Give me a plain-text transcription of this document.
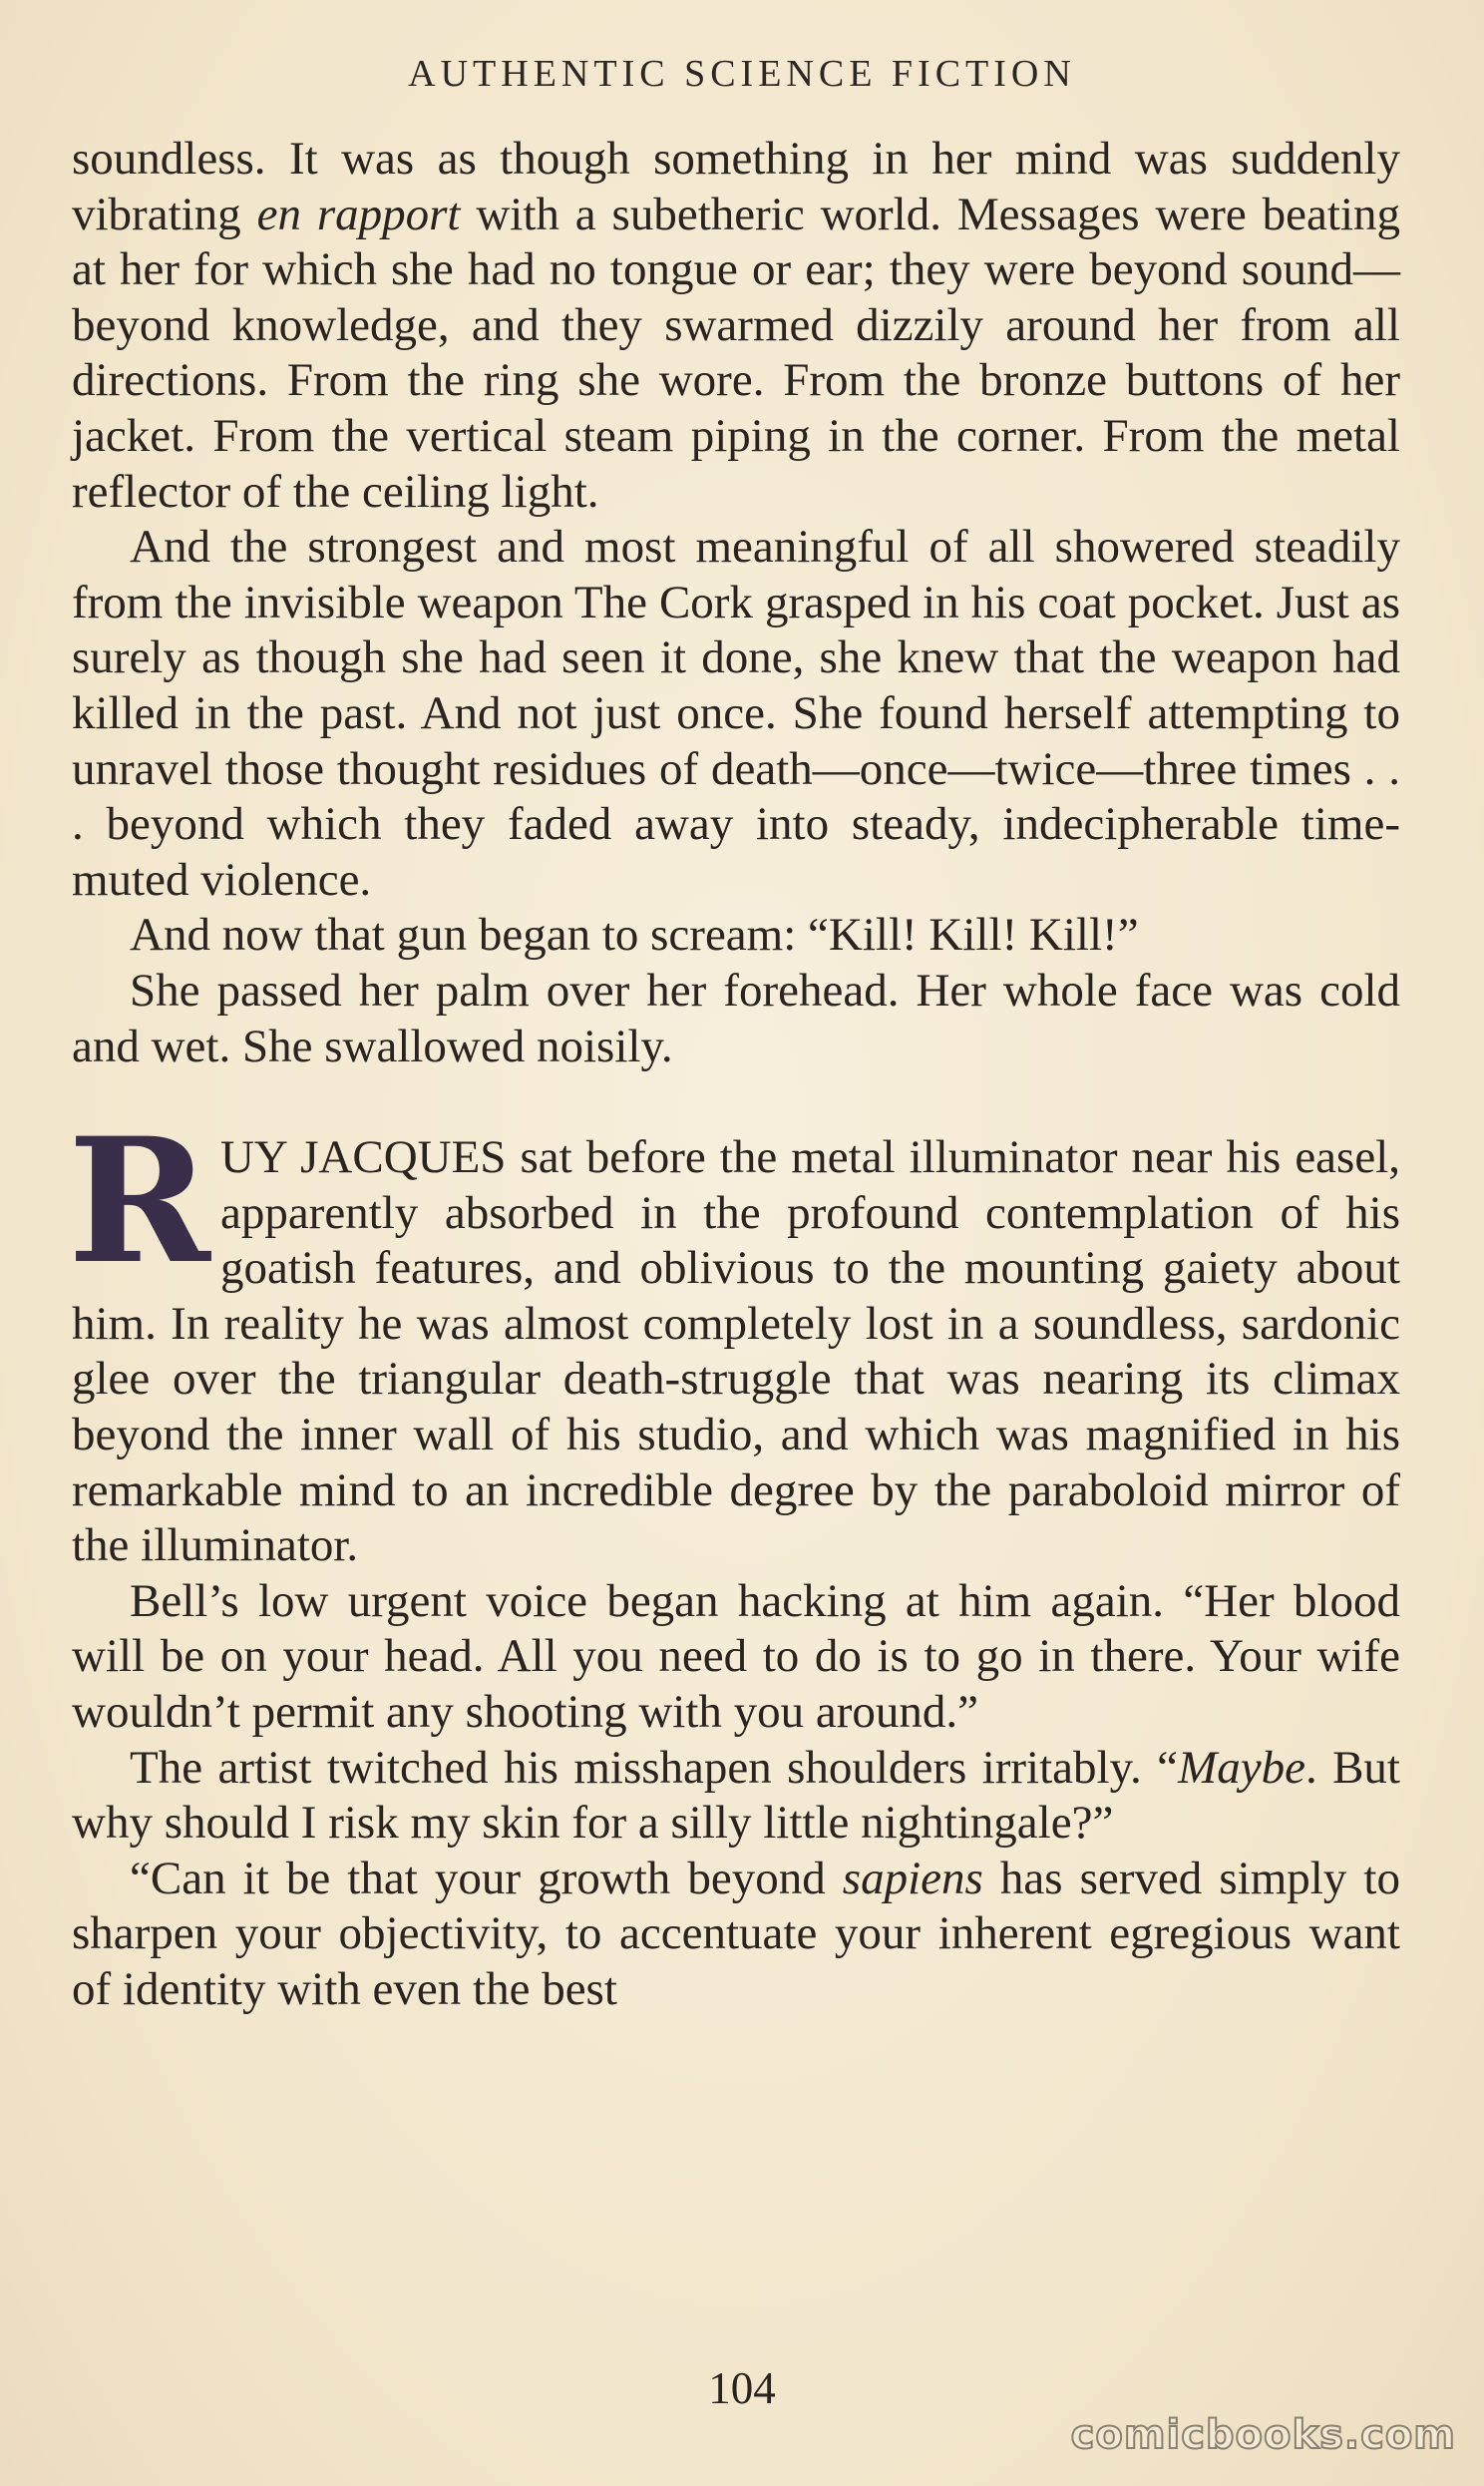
AUTHENTIC SCIENCE FICTION

soundless. It was as though something in her mind was suddenly vibrating en rapport with a subetheric world. Messages were beating at her for which she had no tongue or ear; they were beyond sound—beyond knowledge, and they swarmed dizzily around her from all directions. From the ring she wore. From the bronze buttons of her jacket. From the vertical steam piping in the corner. From the metal reflector of the ceiling light.

And the strongest and most meaningful of all showered steadily from the invisible weapon The Cork grasped in his coat pocket. Just as surely as though she had seen it done, she knew that the weapon had killed in the past. And not just once. She found herself attempting to unravel those thought residues of death—once—twice—three times . . . beyond which they faded away into steady, indecipherable time-muted violence.

And now that gun began to scream: “Kill! Kill! Kill!”

She passed her palm over her forehead. Her whole face was cold and wet. She swallowed noisily.

RUY JACQUES sat before the metal illuminator near his easel, apparently absorbed in the profound contemplation of his goatish features, and oblivious to the mounting gaiety about him. In reality he was almost completely lost in a soundless, sardonic glee over the triangular death-struggle that was nearing its climax beyond the inner wall of his studio, and which was magnified in his remarkable mind to an incredible degree by the paraboloid mirror of the illuminator.

Bell’s low urgent voice began hacking at him again. “Her blood will be on your head. All you need to do is to go in there. Your wife wouldn’t permit any shooting with you around.”

The artist twitched his misshapen shoulders irritably. “Maybe. But why should I risk my skin for a silly little nightingale?”

“Can it be that your growth beyond sapiens has served simply to sharpen your objectivity, to accentuate your inherent egregious want of identity with even the best

104
comicbooks.com
